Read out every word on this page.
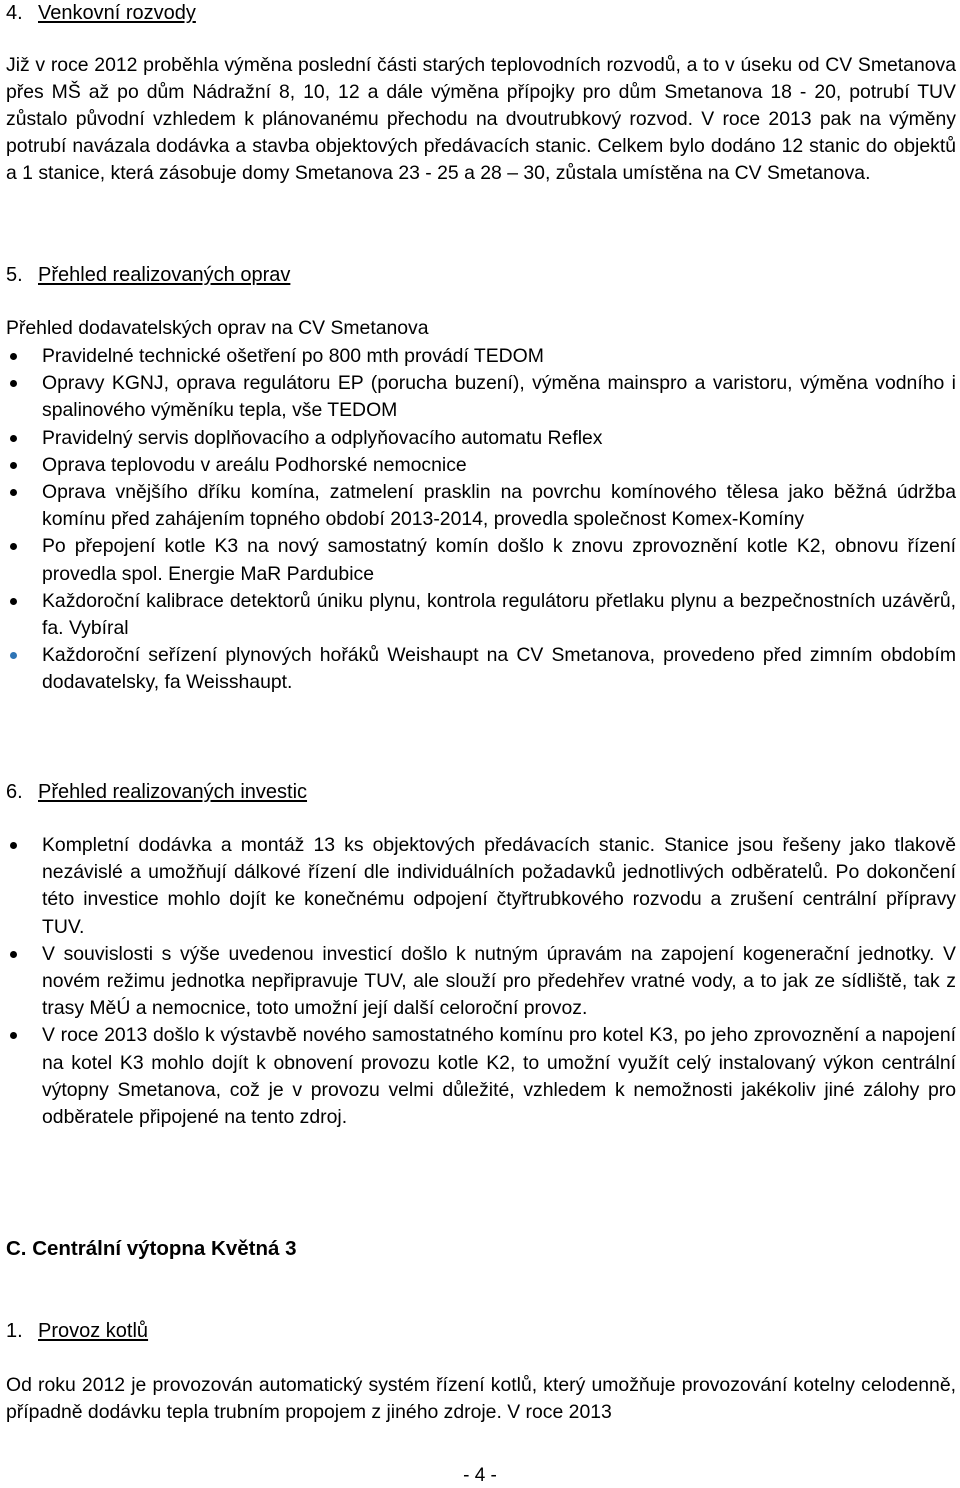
4. Venkovní rozvody

Již v roce 2012 proběhla výměna poslední části starých teplovodních rozvodů, a to v úseku od CV Smetanova přes MŠ až po dům Nádražní 8, 10, 12 a dále výměna přípojky pro dům Smetanova 18 - 20, potrubí TUV zůstalo původní vzhledem k plánovanému přechodu na dvoutrubkový rozvod. V roce 2013 pak na výměny potrubí navázala dodávka a stavba objektových předávacích stanic. Celkem bylo dodáno 12 stanic do objektů a 1 stanice, která zásobuje domy Smetanova 23 - 25 a 28 – 30, zůstala umístěna na CV Smetanova.

5. Přehled realizovaných oprav

Přehled dodavatelských oprav na CV Smetanova

Pravidelné technické ošetření po 800 mth provádí TEDOM
Opravy KGNJ, oprava regulátoru EP (porucha buzení), výměna mainspro a varistoru, výměna vodního i spalinového výměníku tepla, vše TEDOM
Pravidelný servis doplňovacího a odplyňovacího automatu Reflex
Oprava teplovodu v areálu Podhorské nemocnice
Oprava vnějšího dříku komína, zatmelení prasklin na povrchu komínového tělesa jako běžná údržba komínu před zahájením topného období 2013-2014, provedla společnost Komex-Komíny
Po přepojení kotle K3 na nový samostatný komín došlo k znovu zprovoznění kotle K2, obnovu řízení provedla spol. Energie MaR Pardubice
Každoroční kalibrace detektorů úniku plynu, kontrola regulátoru přetlaku plynu a bezpečnostních uzávěrů, fa. Vybíral
Každoroční seřízení plynových hořáků Weishaupt na CV Smetanova, provedeno před zimním obdobím dodavatelsky, fa Weisshaupt.
6. Přehled realizovaných investic
Kompletní dodávka a montáž 13 ks objektových předávacích stanic. Stanice jsou řešeny jako tlakově nezávislé a umožňují dálkové řízení dle individuálních požadavků jednotlivých odběratelů. Po dokončení této investice mohlo dojít ke konečnému odpojení čtyřtrubkového rozvodu a zrušení centrální přípravy TUV.
V souvislosti s výše uvedenou investicí došlo k nutným úpravám na zapojení kogenerační jednotky. V novém režimu jednotka nepřipravuje TUV, ale slouží pro předehřev vratné vody, a to jak ze sídliště, tak z trasy MěÚ a nemocnice, toto umožní její další celoroční provoz.
V roce 2013 došlo k výstavbě nového samostatného komínu pro kotel K3, po jeho zprovoznění a napojení na kotel K3 mohlo dojít k obnovení provozu kotle K2, to umožní využít celý instalovaný výkon centrální výtopny Smetanova, což je v provozu velmi důležité, vzhledem k nemožnosti jakékoliv jiné zálohy pro odběratele připojené na tento zdroj.
C. Centrální výtopna Květná 3
1. Provoz kotlů

Od roku 2012 je provozován automatický systém řízení kotlů, který umožňuje provozování kotelny celodenně, případně dodávku tepla trubním propojem z jiného zdroje. V roce 2013

- 4 -
